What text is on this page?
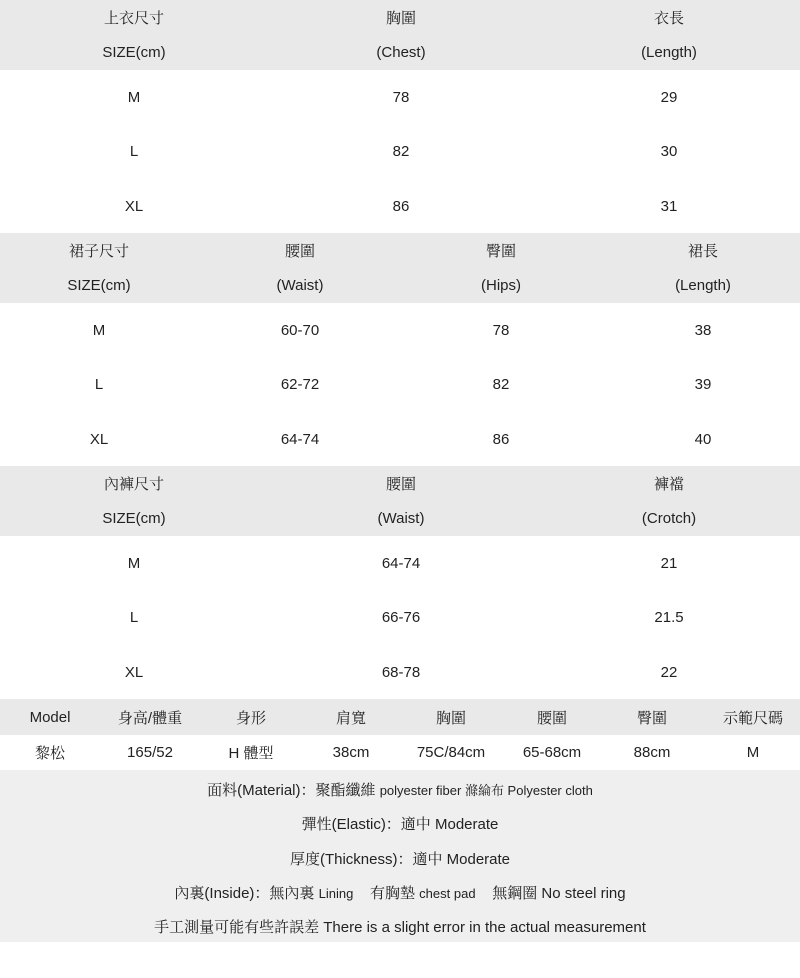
上衣尺寸	胸圍	衣長
SIZE(cm)	(Chest)	(Length)
M	78	29
L	82	30
XL	86	31
裙子尺寸	腰圍	臀圍	裙長
SIZE(cm)	(Waist)	(Hips)	(Length)
M	60-70	78	38
L	62-72	82	39
XL	64-74	86	40
內褲尺寸	腰圍	褲襠
SIZE(cm)	(Waist)	(Crotch)
M	64-74	21
L	66-76	21.5
XL	68-78	22
Model	身高/體重	身形	肩寬	胸圍	腰圍	臀圍	示範尺碼
黎松	165/52	H 體型	38cm	75C/84cm	65-68cm	88cm	M
面料(Material)：聚酯纖維 polyester fiber 滌綸布 Polyester cloth
彈性(Elastic)：適中 Moderate
厚度(Thickness)：適中 Moderate
內裏(Inside)：無內裏 Lining 有胸墊 chest pad 無鋼圈 No steel ring
手工測量可能有些許誤差 There is a slight error in the actual measurement
